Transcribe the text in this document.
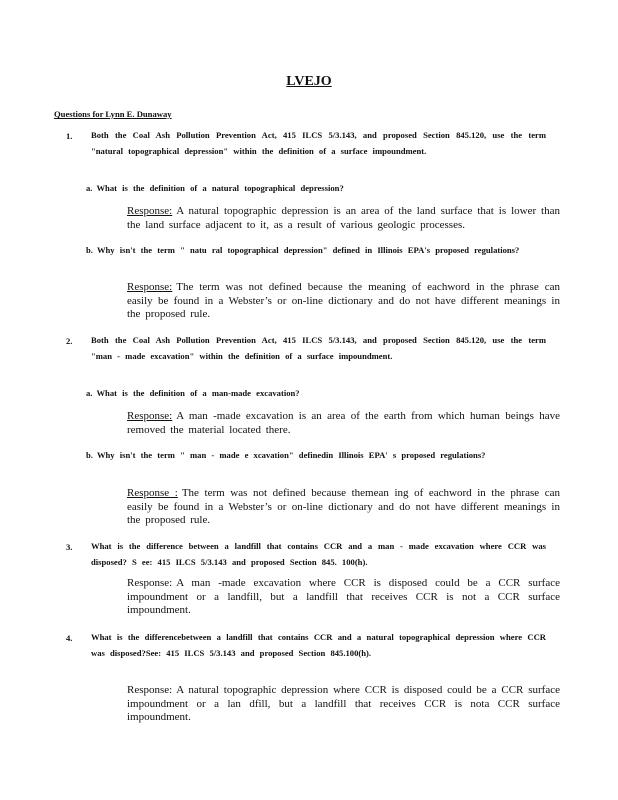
LVEJO
Questions for Lynn E. Dunaway
1. Both the Coal Ash Pollution Prevention Act, 415 ILCS 5/3.143, and proposed Section 845.120, use the term "natural topographical depression" within the definition of a surface impoundment.
a. What is the definition of a natural topographical depression?
Response: A natural topographic depression is an area of the land surface that is lower than the land surface adjacent to it, as a result of various geologic processes.
b. Why isn't the term " natu ral topographical depression" defined in Illinois EPA's proposed regulations?
Response: The term was not defined because the meaning of eachword in the phrase can easily be found in a Webster’s or on-line dictionary and do not have different meanings in the proposed rule.
2. Both the Coal Ash Pollution Prevention Act, 415 ILCS 5/3.143, and proposed Section 845.120, use the term "man - made excavation" within the definition of a surface impoundment.
a. What is the definition of a man-made excavation?
Response: A man -made excavation is an area of the earth from which human beings have removed the material located there.
b. Why isn't the term " man - made e xcavation" definedin Illinois EPA' s proposed regulations?
Response : The term was not defined because themean ing of eachword in the phrase can easily be found in a Webster’s or on-line dictionary and do not have different meanings in the proposed rule.
3. What is the difference between a landfill that contains CCR and a man - made excavation where CCR was disposed? S ee: 415 ILCS 5/3.143 and proposed Section 845. 100(h).
Response: A man -made excavation where CCR is disposed could be a CCR surface impoundment or a landfill, but a landfill that receives CCR is not a CCR surface impoundment.
4. What is the differencebetween a landfill that contains CCR and a natural topographical depression where CCR was disposed?See: 415 ILCS 5/3.143 and proposed Section 845.100(h).
Response: A natural topographic depression where CCR is disposed could be a CCR surface impoundment or a lan dfill, but a landfill that receives CCR is nota CCR surface impoundment.
